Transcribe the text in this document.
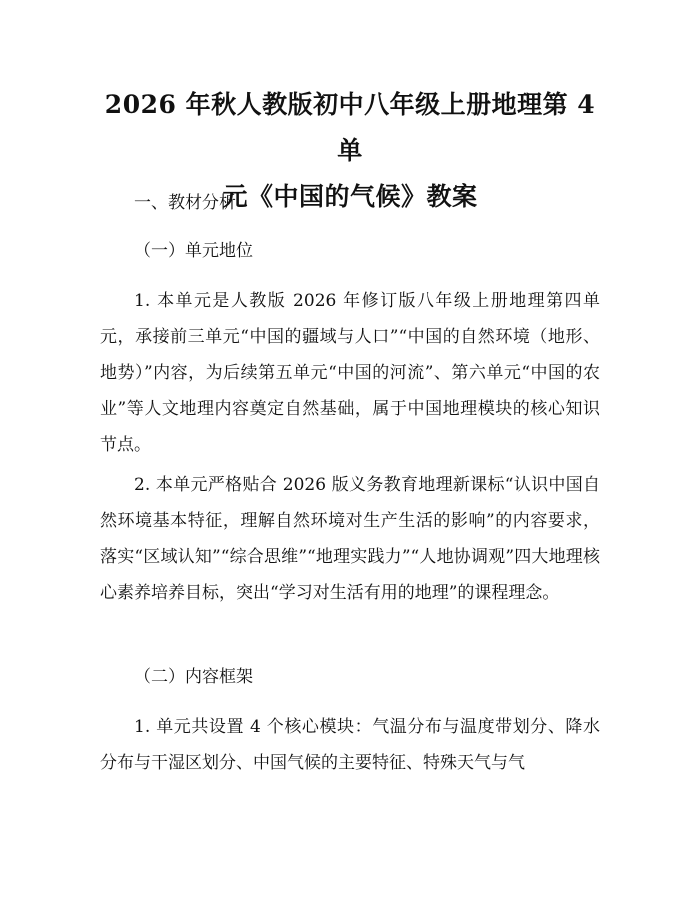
2026 年秋人教版初中八年级上册地理第 4 单
元《中国的气候》教案

一、教材分析

（一）单元地位

1. 本单元是人教版 2026 年修订版八年级上册地理第四单元，承接前三单元“中国的疆域与人口”“中国的自然环境（地形、地势）”内容，为后续第五单元“中国的河流”、第六单元“中国的农业”等人文地理内容奠定自然基础，属于中国地理模块的核心知识节点。

2. 本单元严格贴合 2026 版义务教育地理新课标“认识中国自然环境基本特征，理解自然环境对生产生活的影响”的内容要求，落实“区域认知”“综合思维”“地理实践力”“人地协调观”四大地理核心素养培养目标，突出“学习对生活有用的地理”的课程理念。

（二）内容框架

1. 单元共设置 4 个核心模块：气温分布与温度带划分、降水分布与干湿区划分、中国气候的主要特征、特殊天气与气
